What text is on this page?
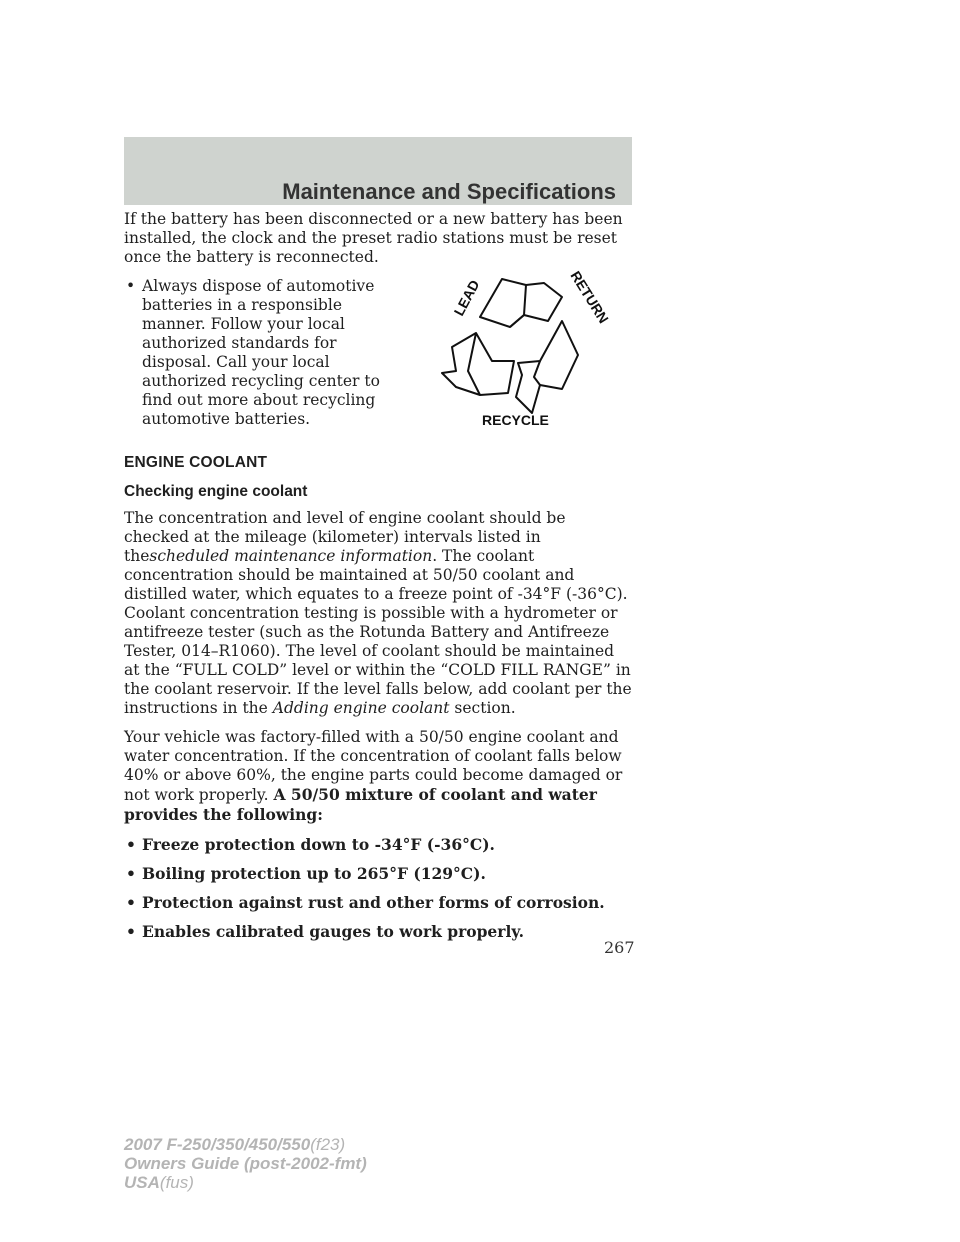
Maintenance and Specifications

If the battery has been disconnected or a new battery has been installed, the clock and the preset radio stations must be reset once the battery is reconnected.

• Always dispose of automotive batteries in a responsible manner. Follow your local authorized standards for disposal. Call your local authorized recycling center to find out more about recycling automotive batteries.
LEAD	RETURN
RECYCLE
ENGINE COOLANT
Checking engine coolant

The concentration and level of engine coolant should be checked at the mileage (kilometer) intervals listed in thescheduled maintenance information. The coolant concentration should be maintained at 50/50 coolant and distilled water, which equates to a freeze point of -34°F (-36°C). Coolant concentration testing is possible with a hydrometer or antifreeze tester (such as the Rotunda Battery and Antifreeze Tester, 014–R1060). The level of coolant should be maintained at the “FULL COLD” level or within the “COLD FILL RANGE” in the coolant reservoir. If the level falls below, add coolant per the instructions in the Adding engine coolant section.

Your vehicle was factory-filled with a 50/50 engine coolant and water concentration. If the concentration of coolant falls below 40% or above 60%, the engine parts could become damaged or not work properly. A 50/50 mixture of coolant and water provides the following:

• Freeze protection down to -34°F (-36°C).
• Boiling protection up to 265°F (129°C).
• Protection against rust and other forms of corrosion.
• Enables calibrated gauges to work properly.
267
2007 F-250/350/450/550(f23)
Owners Guide (post-2002-fmt)
USA(fus)
